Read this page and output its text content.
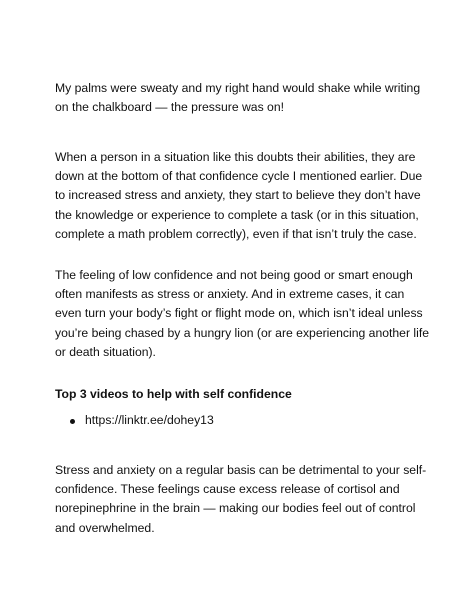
My palms were sweaty and my right hand would shake while writing on the chalkboard — the pressure was on!

When a person in a situation like this doubts their abilities, they are down at the bottom of that confidence cycle I mentioned earlier. Due to increased stress and anxiety, they start to believe they don’t have the knowledge or experience to complete a task (or in this situation, complete a math problem correctly), even if that isn’t truly the case.

The feeling of low confidence and not being good or smart enough often manifests as stress or anxiety. And in extreme cases, it can even turn your body’s fight or flight mode on, which isn’t ideal unless you’re being chased by a hungry lion (or are experiencing another life or death situation).

Top 3 videos to help with self confidence

https://linktr.ee/dohey13

Stress and anxiety on a regular basis can be detrimental to your self-confidence. These feelings cause excess release of cortisol and norepinephrine in the brain — making our bodies feel out of control and overwhelmed.
